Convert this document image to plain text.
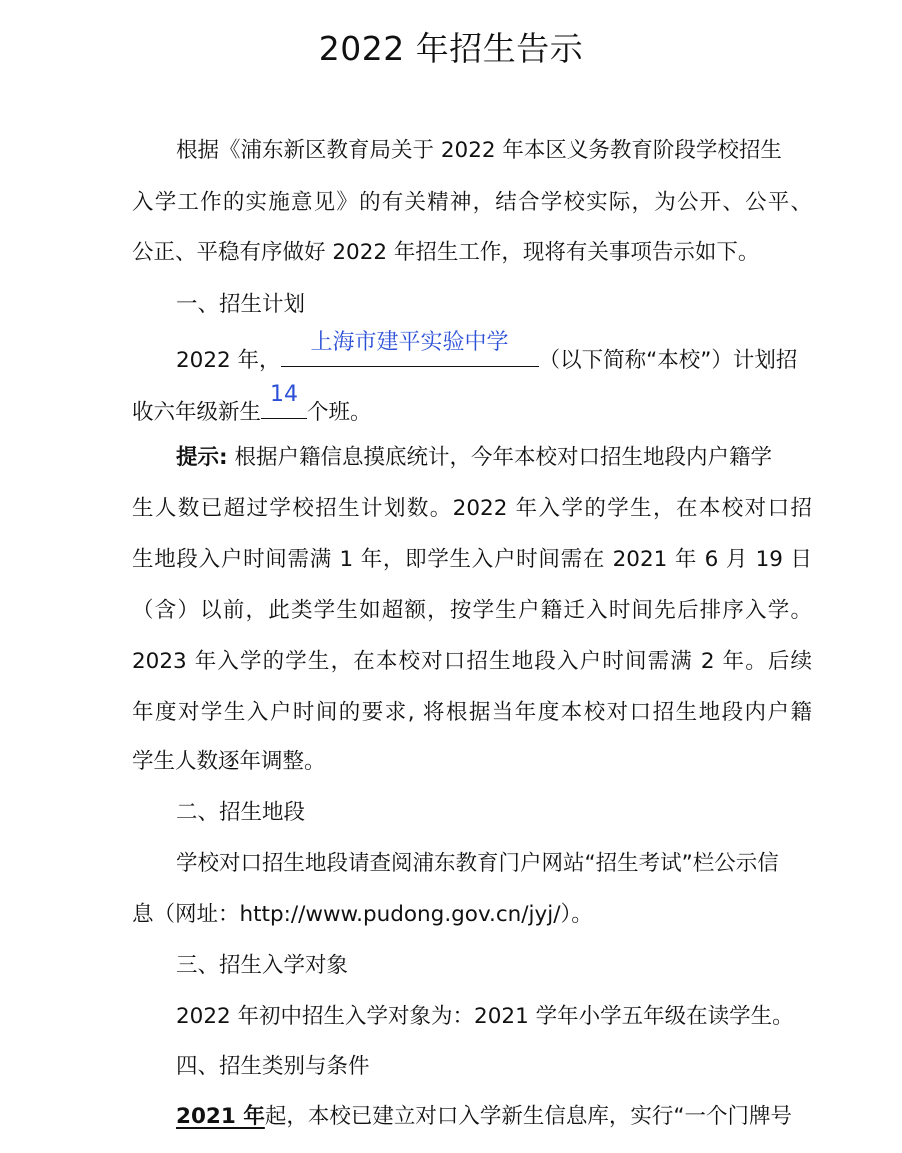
2022 年招生告示
根据《浦东新区教育局关于 2022 年本区义务教育阶段学校招生
入学工作的实施意见》的有关精神，结合学校实际，为公开、公平、
公正、平稳有序做好 2022 年招生工作，现将有关事项告示如下。
一、招生计划
2022 年，
上海市建平实验中学
（以下简称“本校”）计划招
收六年级新生
14
个班。
提示: 根据户籍信息摸底统计，今年本校对口招生地段内户籍学
生人数已超过学校招生计划数。2022 年入学的学生，在本校对口招
生地段入户时间需满 1 年，即学生入户时间需在 2021 年 6 月 19 日
（含）以前，此类学生如超额，按学生户籍迁入时间先后排序入学。
2023 年入学的学生，在本校对口招生地段入户时间需满 2 年。后续
年度对学生入户时间的要求, 将根据当年度本校对口招生地段内户籍
学生人数逐年调整。
二、招生地段
学校对口招生地段请查阅浦东教育门户网站“招生考试”栏公示信
息（网址：http://www.pudong.gov.cn/jyj/）。
三、招生入学对象
2022 年初中招生入学对象为：2021 学年小学五年级在读学生。
四、招生类别与条件
2021 年起，本校已建立对口入学新生信息库，实行“一个门牌号
